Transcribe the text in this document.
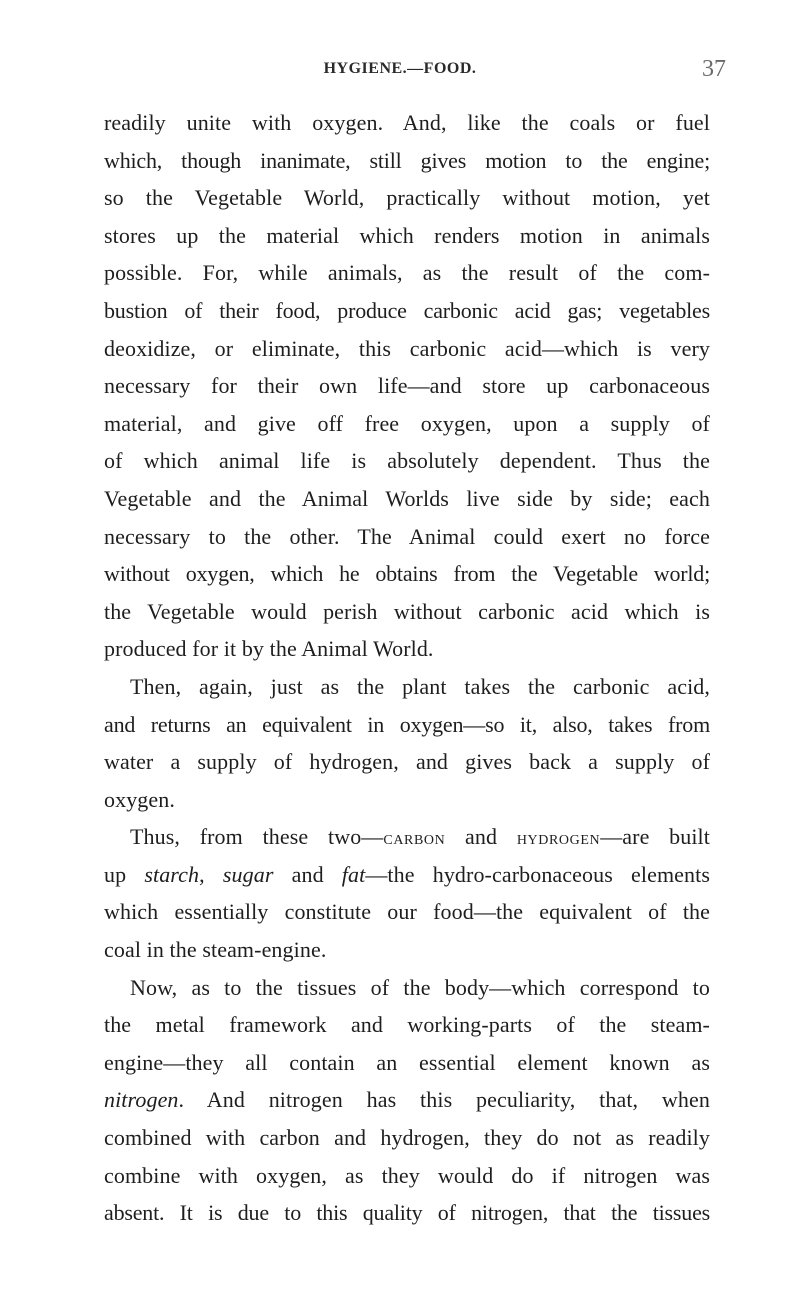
HYGIENE.—FOOD.	37
readily unite with oxygen. And, like the coals or fuel
which, though inanimate, still gives motion to the engine;
so the Vegetable World, practically without motion, yet
stores up the material which renders motion in animals
possible. For, while animals, as the result of the com-
bustion of their food, produce carbonic acid gas; vegetables
deoxidize, or eliminate, this carbonic acid—which is very
necessary for their own life—and store up carbonaceous
material, and give off free oxygen, upon a supply of
of which animal life is absolutely dependent. Thus the
Vegetable and the Animal Worlds live side by side; each
necessary to the other. The Animal could exert no force
without oxygen, which he obtains from the Vegetable world;
the Vegetable would perish without carbonic acid which is
produced for it by the Animal World.
Then, again, just as the plant takes the carbonic acid,
and returns an equivalent in oxygen—so it, also, takes from
water a supply of hydrogen, and gives back a supply of
oxygen.
Thus, from these two—carbon and hydrogen—are built
up starch, sugar and fat—the hydro-carbonaceous elements
which essentially constitute our food—the equivalent of the
coal in the steam-engine.
Now, as to the tissues of the body—which correspond to
the metal framework and working-parts of the steam-
engine—they all contain an essential element known as
nitrogen. And nitrogen has this peculiarity, that, when
combined with carbon and hydrogen, they do not as readily
combine with oxygen, as they would do if nitrogen was
absent. It is due to this quality of nitrogen, that the tissues
